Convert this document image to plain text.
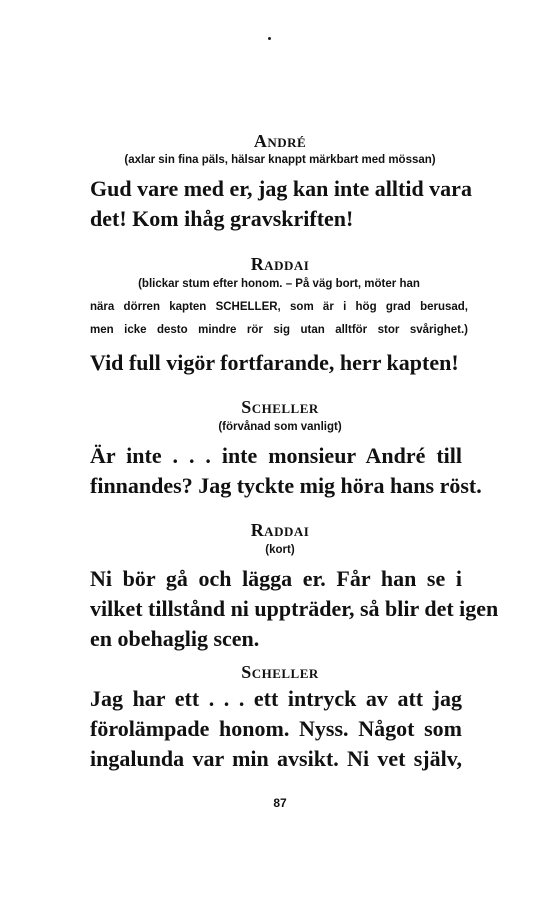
André
(axlar sin fina päls, hälsar knappt märkbart med mössan)
Gud vare med er, jag kan inte alltid vara
det! Kom ihåg gravskriften!
Raddai
(blickar stum efter honom. – På väg bort, möter han
nära dörren kapten SCHELLER, som är i hög grad berusad,
men icke desto mindre rör sig utan alltför stor svårighet.)
Vid full vigör fortfarande, herr kapten!
Scheller
(förvånad som vanligt)
Är inte . . . inte monsieur André till
finnandes? Jag tyckte mig höra hans röst.
Raddai
(kort)
Ni bör gå och lägga er. Får han se i
vilket tillstånd ni uppträder, så blir det igen
en obehaglig scen.
Scheller
Jag har ett . . . ett intryck av att jag
förolämpade honom. Nyss. Något som
ingalunda var min avsikt. Ni vet själv,
87
